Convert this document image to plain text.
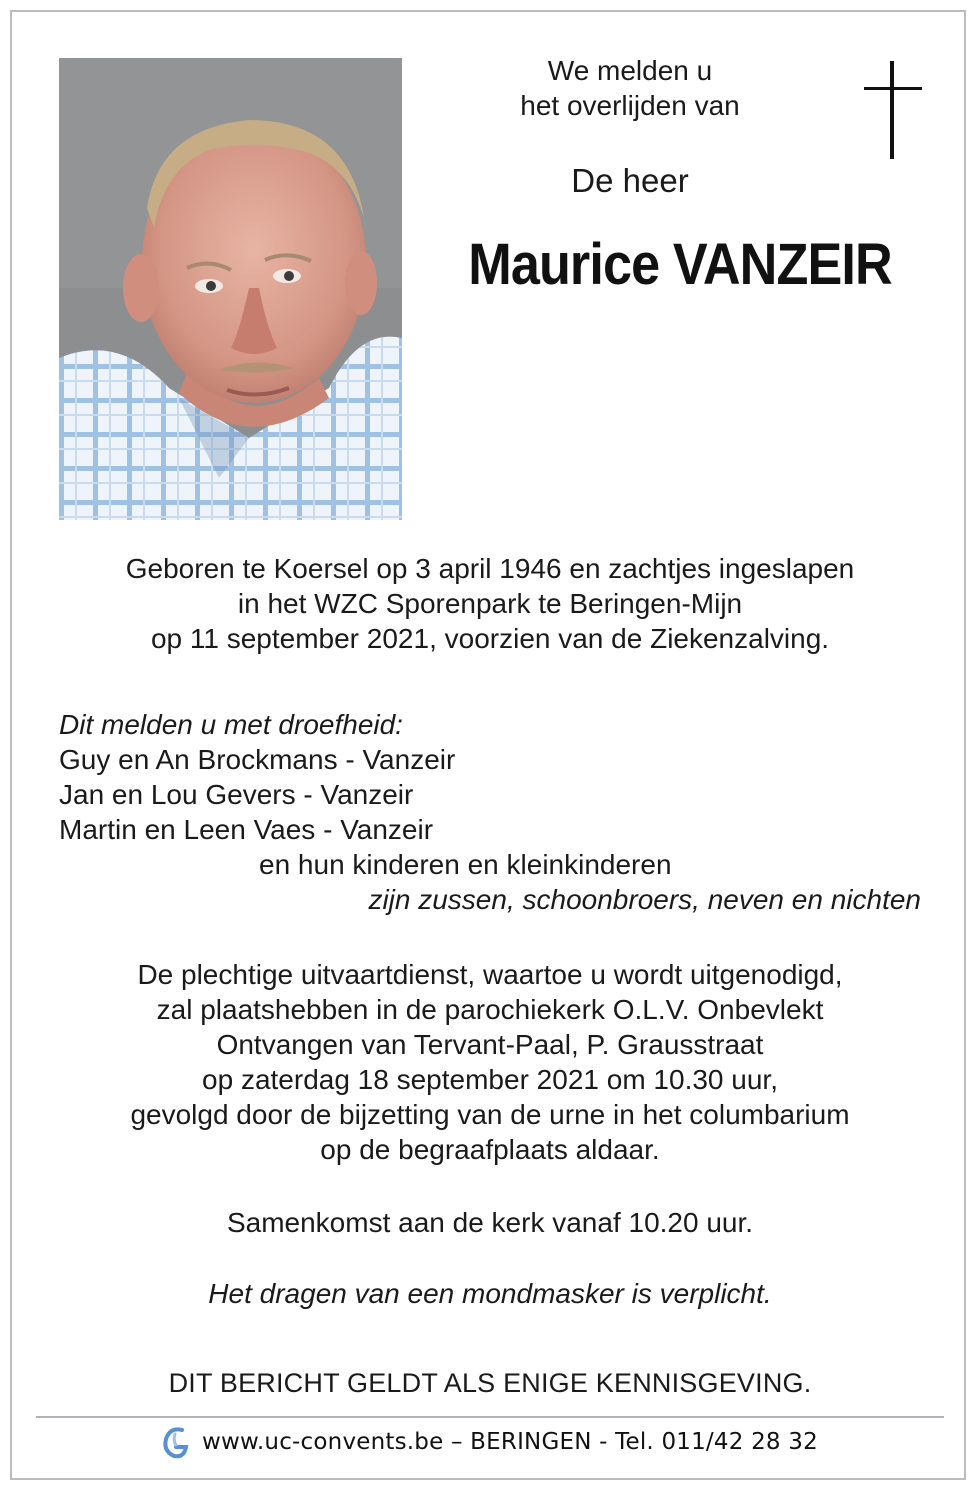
We melden u
het overlijden van
De heer
Maurice VANZEIR
Geboren te Koersel op 3 april 1946 en zachtjes ingeslapen
in het WZC Sporenpark te Beringen-Mijn
op 11 september 2021, voorzien van de Ziekenzalving.
Dit melden u met droefheid:
Guy en An Brockmans - Vanzeir
Jan en Lou Gevers - Vanzeir
Martin en Leen Vaes - Vanzeir
en hun kinderen en kleinkinderen
zijn zussen, schoonbroers, neven en nichten
De plechtige uitvaartdienst, waartoe u wordt uitgenodigd,
zal plaatshebben in de parochiekerk O.L.V. Onbevlekt
Ontvangen van Tervant-Paal, P. Grausstraat
op zaterdag 18 september 2021 om 10.30 uur,
gevolgd door de bijzetting van de urne in het columbarium
op de begraafplaats aldaar.
Samenkomst aan de kerk vanaf 10.20 uur.
Het dragen van een mondmasker is verplicht.
DIT BERICHT GELDT ALS ENIGE KENNISGEVING.
www.uc-convents.be – BERINGEN - Tel. 011/42 28 32
